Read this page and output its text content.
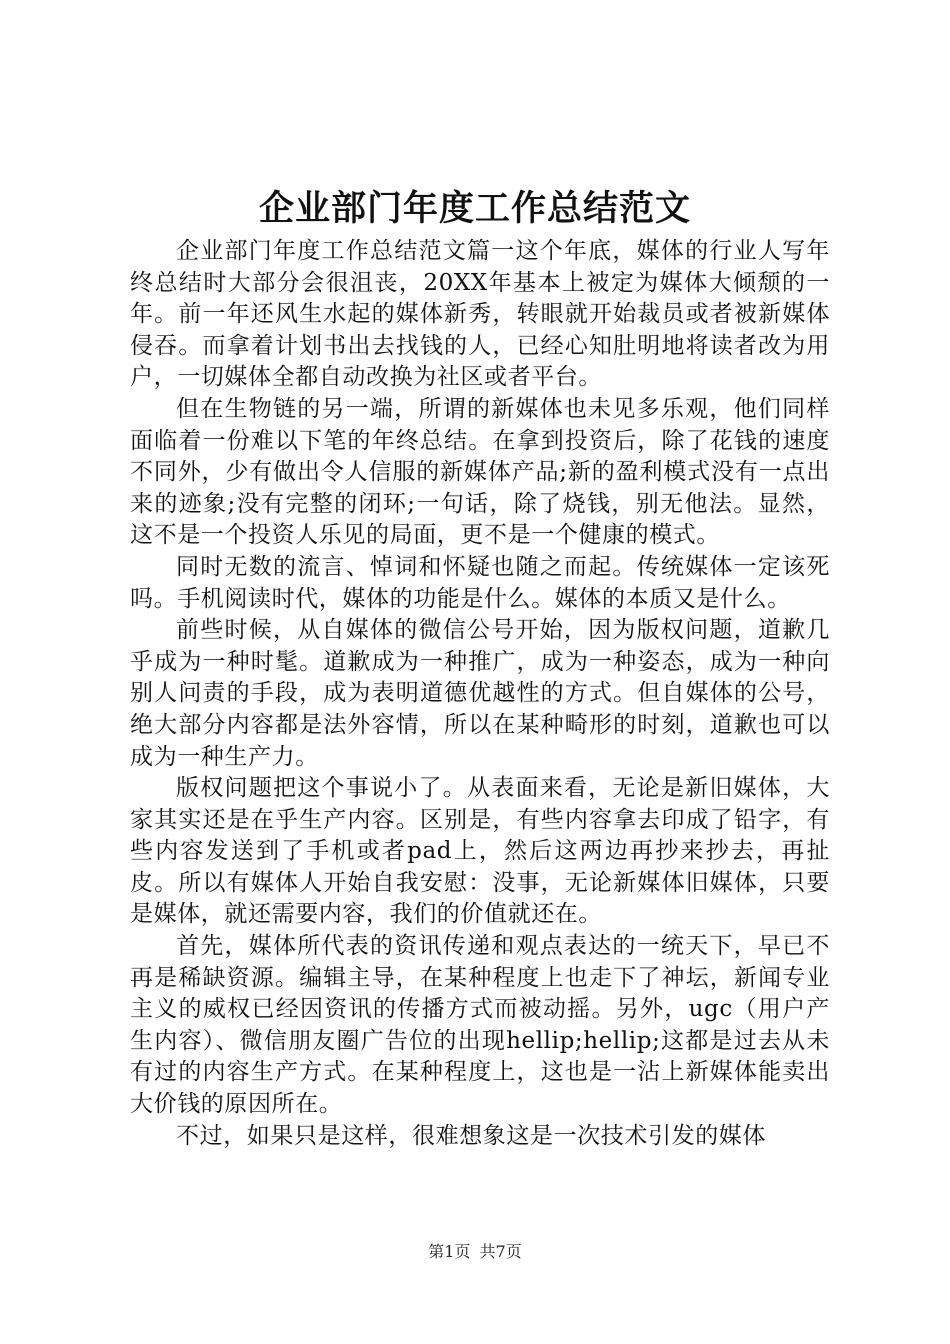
企业部门年度工作总结范文

企业部门年度工作总结范文篇一这个年底，媒体的行业人写年终总结时大部分会很沮丧，20XX年基本上被定为媒体大倾颓的一年。前一年还风生水起的媒体新秀，转眼就开始裁员或者被新媒体侵吞。而拿着计划书出去找钱的人，已经心知肚明地将读者改为用户，一切媒体全都自动改换为社区或者平台。

但在生物链的另一端，所谓的新媒体也未见多乐观，他们同样面临着一份难以下笔的年终总结。在拿到投资后，除了花钱的速度不同外，少有做出令人信服的新媒体产品;新的盈利模式没有一点出来的迹象;没有完整的闭环;一句话，除了烧钱，别无他法。显然，这不是一个投资人乐见的局面，更不是一个健康的模式。

同时无数的流言、悼词和怀疑也随之而起。传统媒体一定该死吗。手机阅读时代，媒体的功能是什么。媒体的本质又是什么。

前些时候，从自媒体的微信公号开始，因为版权问题，道歉几乎成为一种时髦。道歉成为一种推广，成为一种姿态，成为一种向别人问责的手段，成为表明道德优越性的方式。但自媒体的公号，绝大部分内容都是法外容情，所以在某种畸形的时刻，道歉也可以成为一种生产力。

版权问题把这个事说小了。从表面来看，无论是新旧媒体，大家其实还是在乎生产内容。区别是，有些内容拿去印成了铅字，有些内容发送到了手机或者pad上，然后这两边再抄来抄去，再扯皮。所以有媒体人开始自我安慰：没事，无论新媒体旧媒体，只要是媒体，就还需要内容，我们的价值就还在。

首先，媒体所代表的资讯传递和观点表达的一统天下，早已不再是稀缺资源。编辑主导，在某种程度上也走下了神坛，新闻专业主义的威权已经因资讯的传播方式而被动摇。另外，ugc（用户产生内容）、微信朋友圈广告位的出现hellip;hellip;这都是过去从未有过的内容生产方式。在某种程度上，这也是一沾上新媒体能卖出大价钱的原因所在。

不过，如果只是这样，很难想象这是一次技术引发的媒体

第1页 共7页
